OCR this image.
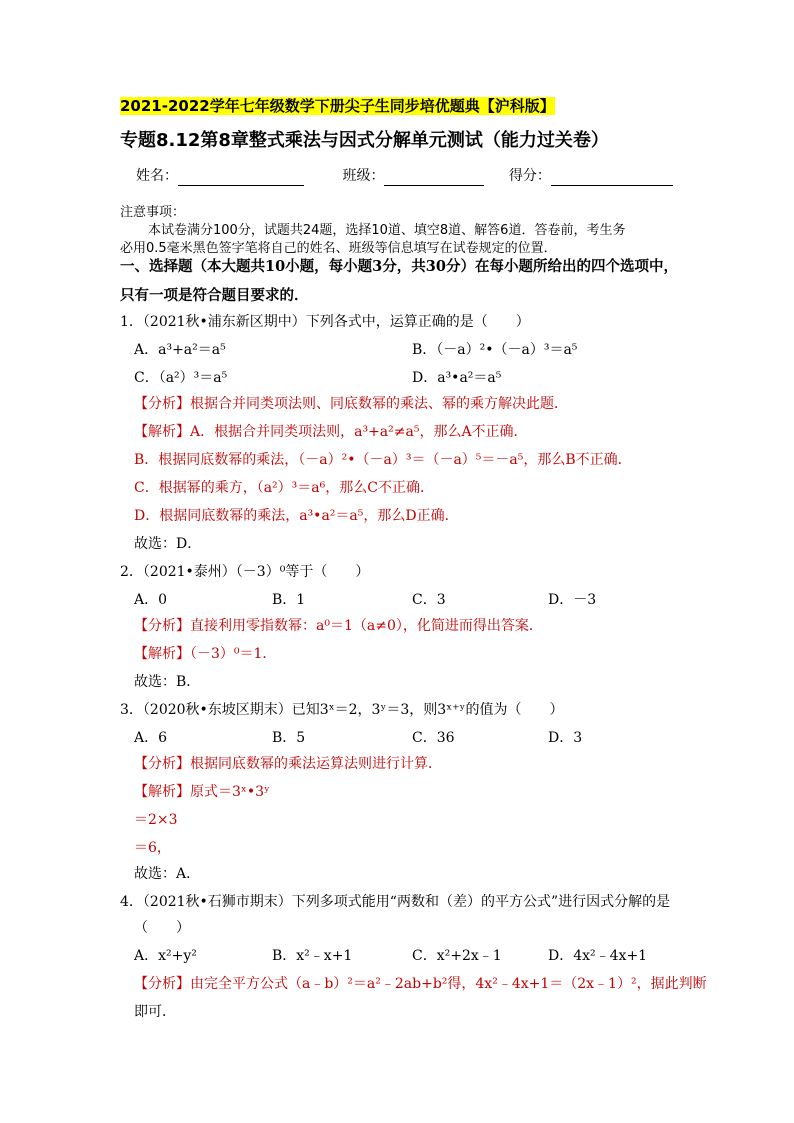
2021-2022学年七年级数学下册尖子生同步培优题典【沪科版】
专题8.12第8章整式乘法与因式分解单元测试（能力过关卷）
姓名：	班级：	得分：
注意事项：
本试卷满分100分，试题共24题，选择10道、填空8道、解答6道．答卷前，考生务
必用0.5毫米黑色签字笔将自己的姓名、班级等信息填写在试卷规定的位置．
一、选择题（本大题共10小题，每小题3分，共30分）在每小题所给出的四个选项中，
只有一项是符合题目要求的．
1．（2021秋•浦东新区期中）下列各式中，运算正确的是（　　）
A．a³+a²＝a⁵	B．（－a）²•（－a）³＝a⁵
C．（a²）³＝a⁵	D．a³•a²＝a⁵
【分析】根据合并同类项法则、同底数幂的乘法、幂的乘方解决此题．
【解析】A．根据合并同类项法则，a³+a²≠a⁵，那么A不正确．
B．根据同底数幂的乘法，（－a）²•（－a）³＝（－a）⁵＝－a⁵，那么B不正确．
C．根据幂的乘方，（a²）³＝a⁶，那么C不正确．
D．根据同底数幂的乘法，a³•a²＝a⁵，那么D正确．
故选：D．
2．（2021•泰州）（－3）⁰等于（　　）
A．0	B．1	C．3	D．－3
【分析】直接利用零指数幂：a⁰＝1（a≠0），化简进而得出答案．
【解析】（－3）⁰＝1．
故选：B．
3．（2020秋•东坡区期末）已知3ˣ＝2，3ʸ＝3，则3ˣ⁺ʸ的值为（　　）
A．6	B．5	C．36	D．3
【分析】根据同底数幂的乘法运算法则进行计算．
【解析】原式＝3ˣ•3ʸ
＝2×3
＝6，
故选：A．
4．（2021秋•石狮市期末）下列多项式能用“两数和（差）的平方公式”进行因式分解的是
（　　）
A．x²+y²	B．x²﹣x+1	C．x²+2x﹣1	D．4x²﹣4x+1
【分析】由完全平方公式（a﹣b）²＝a²﹣2ab+b²得，4x²﹣4x+1＝（2x﹣1）²，据此判断
即可．
